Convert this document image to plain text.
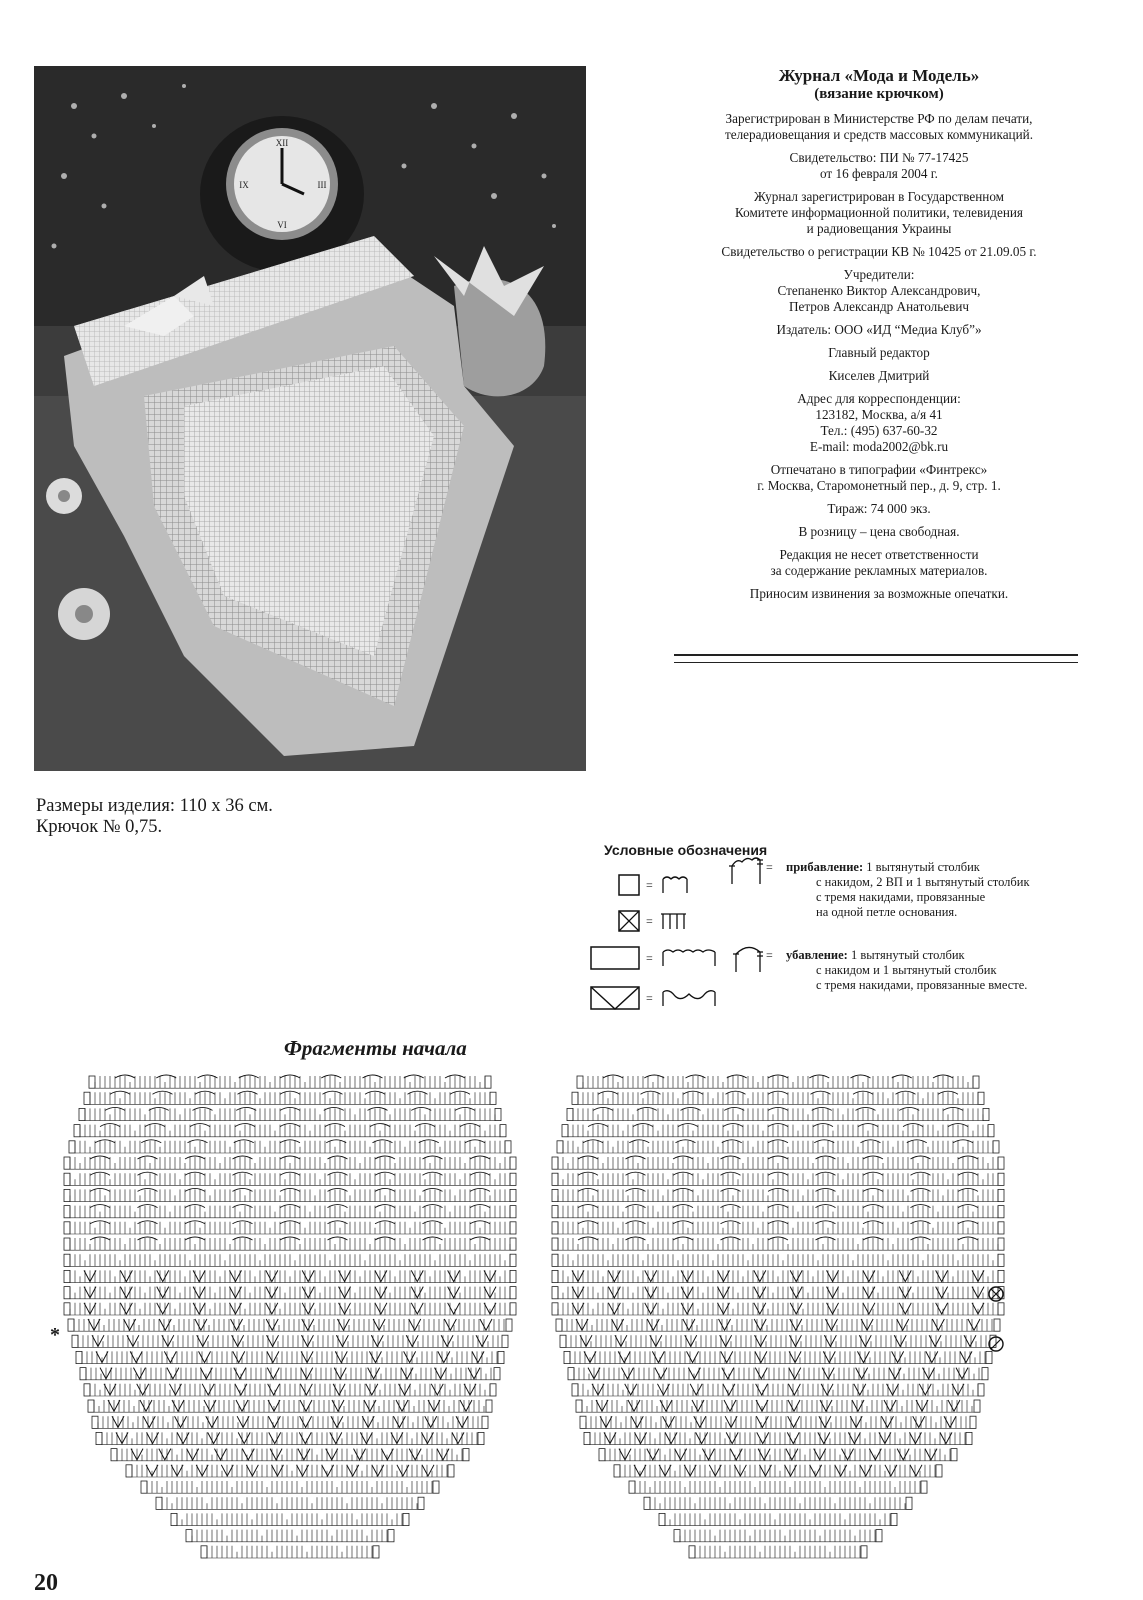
XII
III
VI
IX
Журнал «Мода и Модель»
(вязание крючком)
Зарегистрирован в Министерстве РФ по делам печати,
телерадиовещания и средств массовых коммуникаций.
Свидетельство: ПИ № 77-17425
от 16 февраля 2004 г.
Журнал зарегистрирован в Государственном
Комитете информационной политики, телевидения
и радиовещания Украины
Свидетельство о регистрации КВ № 10425 от 21.09.05 г.
Учредители:
Степаненко Виктор Александрович,
Петров Александр Анатольевич
Издатель: ООО «ИД “Медиа Клуб”»
Главный редактор
Киселев Дмитрий
Адрес для корреспонденции:
123182, Москва, а/я 41
Тел.: (495) 637-60-32
E-mail: moda2002@bk.ru
Отпечатано в типографии «Финтрекс»
г. Москва, Старомонетный пер., д. 9, стр. 1.
Тираж: 74 000 экз.
В розницу – цена свободная.
Редакция не несет ответственности
за содержание рекламных материалов.
Приносим извинения за возможные опечатки.
Размеры изделия: 110 х 36 см.
Крючок № 0,75.
Условные обозначения
=
=
=
=
= прибавление: 1 вытянутый столбик
с накидом, 2 ВП и 1 вытянутый столбик
с тремя накидами, провязанные
на одной петле основания.
= убавление: 1 вытянутый столбик
с накидом и 1 вытянутый столбик
с тремя накидами, провязанные вместе.
Фрагменты начала
*
20
